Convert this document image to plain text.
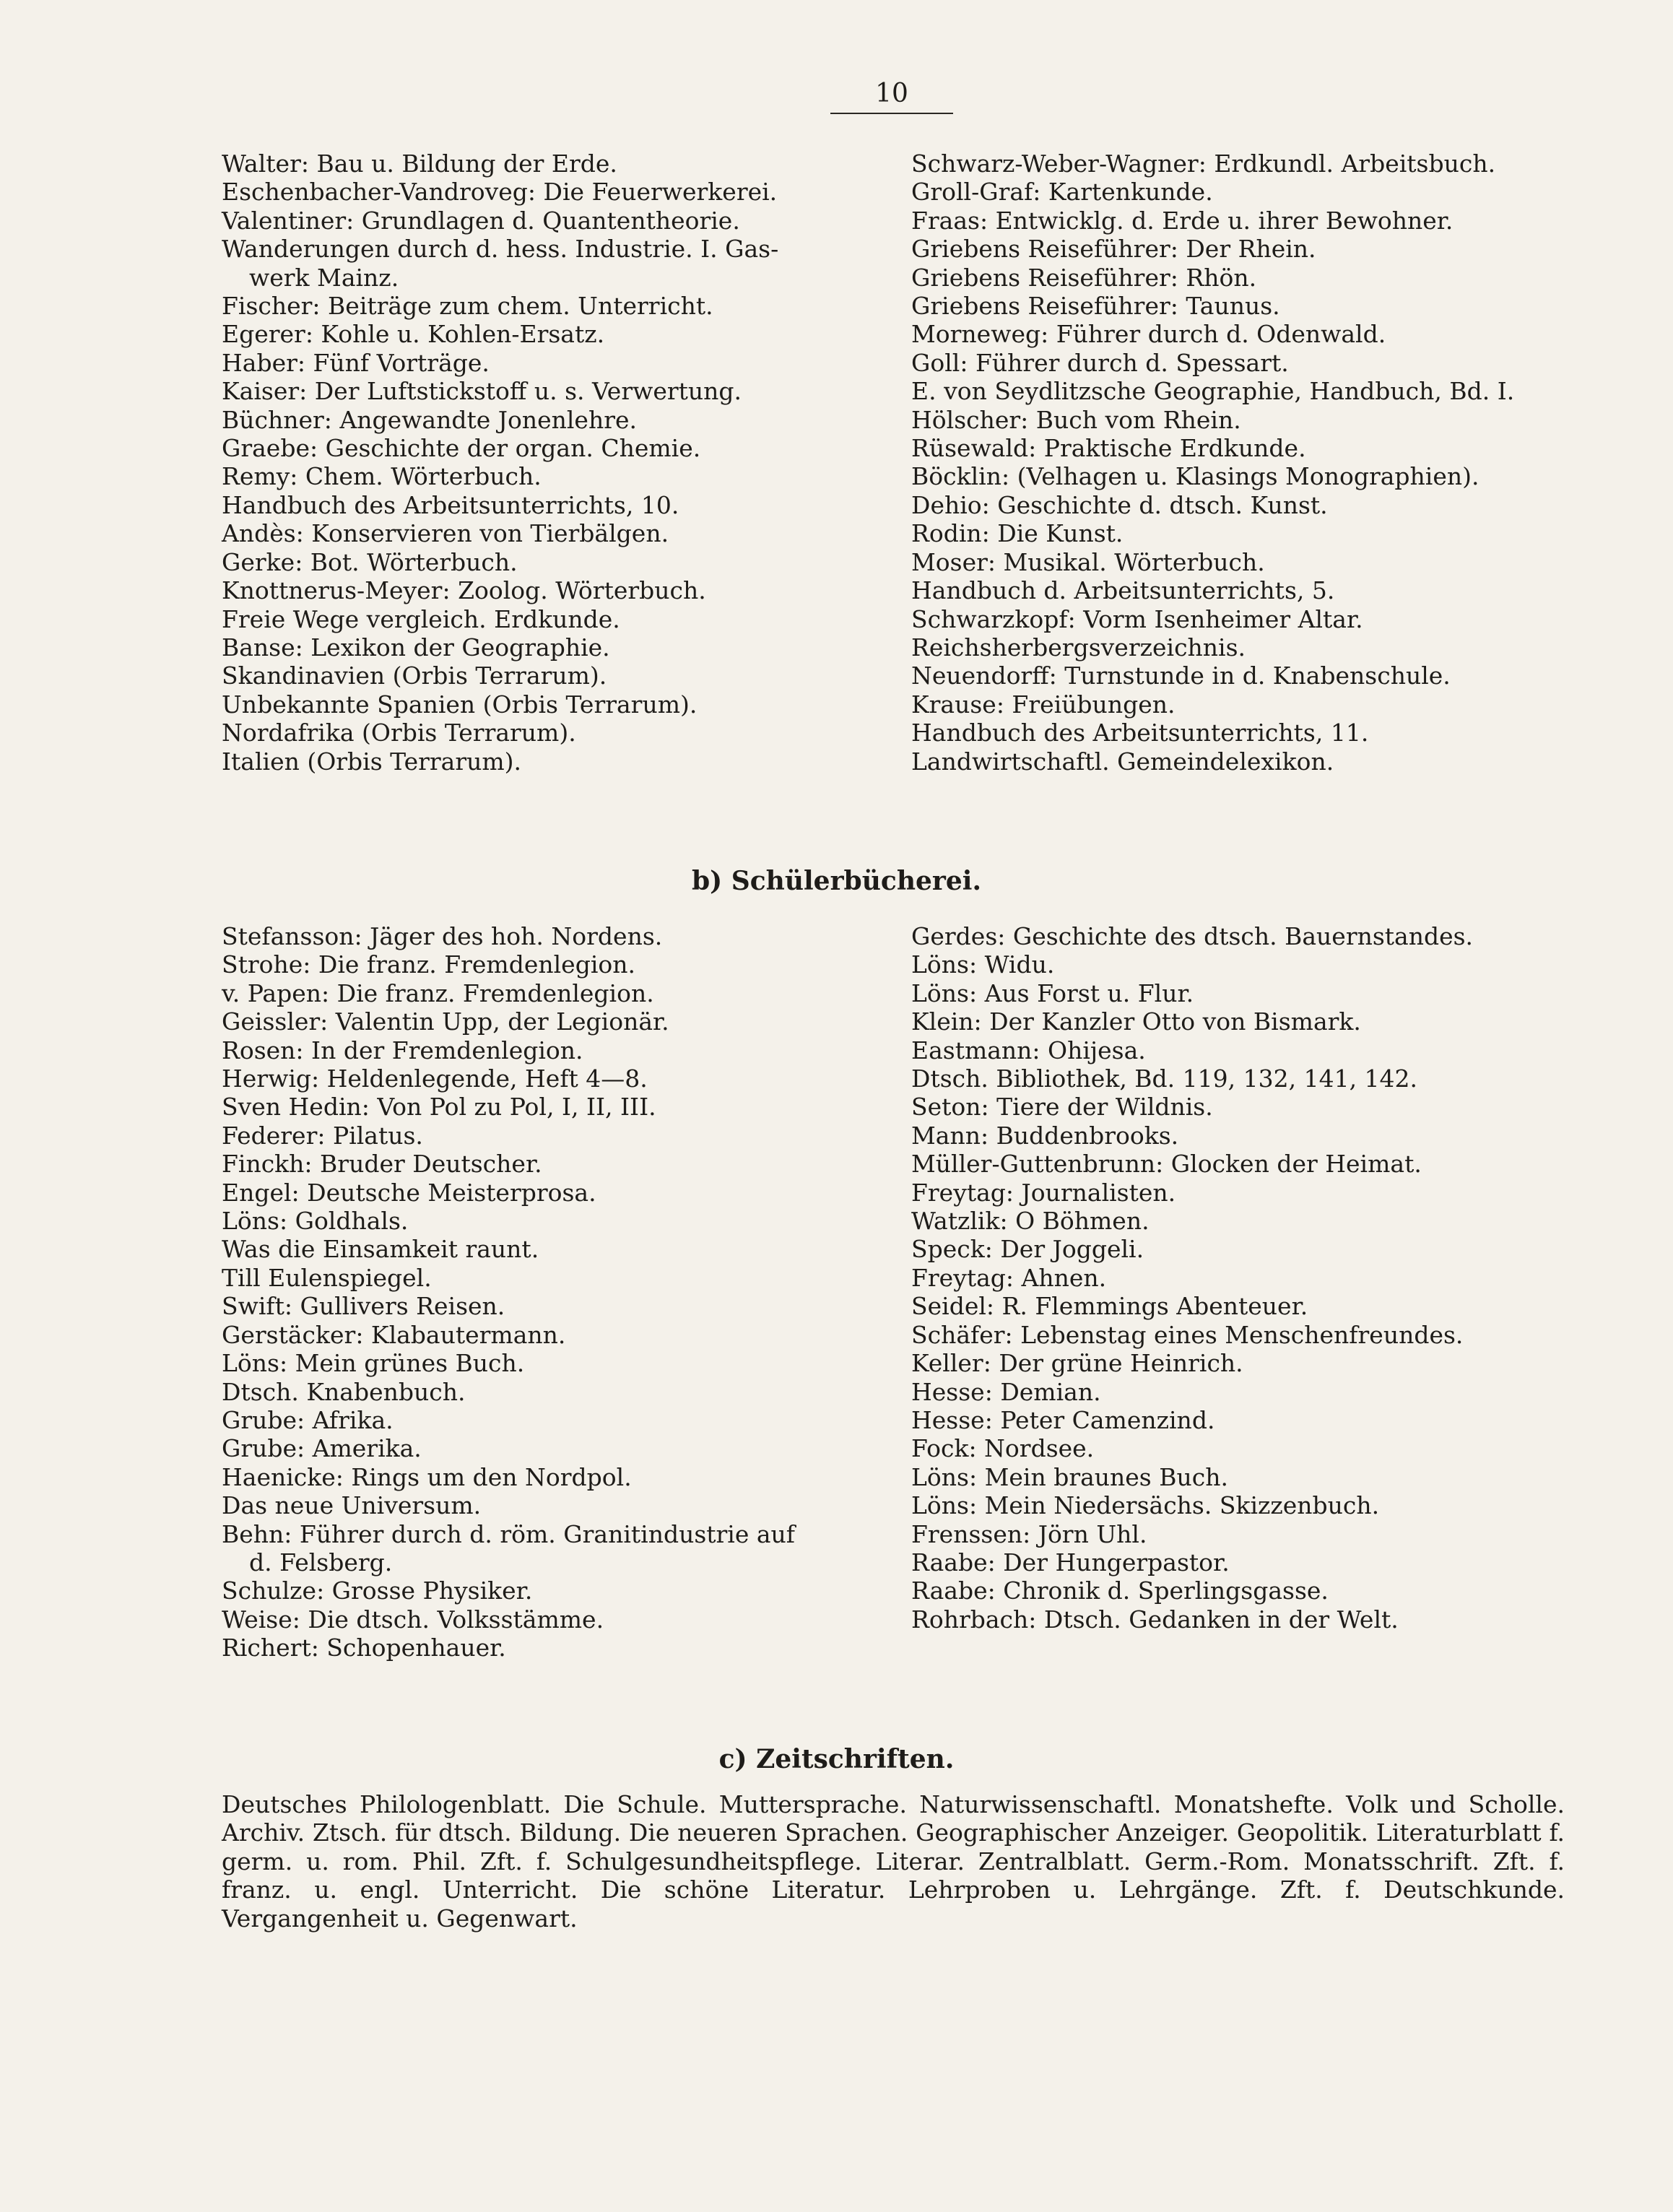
10
Walter: Bau u. Bildung der Erde.
Eschenbacher-Vandroveg: Die Feuerwerkerei.
Valentiner: Grundlagen d. Quantentheorie.
Wanderungen durch d. hess. Industrie. I. Gas-
werk Mainz.
Fischer: Beiträge zum chem. Unterricht.
Egerer: Kohle u. Kohlen-Ersatz.
Haber: Fünf Vorträge.
Kaiser: Der Luftstickstoff u. s. Verwertung.
Büchner: Angewandte Jonenlehre.
Graebe: Geschichte der organ. Chemie.
Remy: Chem. Wörterbuch.
Handbuch des Arbeitsunterrichts, 10.
Andès: Konservieren von Tierbälgen.
Gerke: Bot. Wörterbuch.
Knottnerus-Meyer: Zoolog. Wörterbuch.
Freie Wege vergleich. Erdkunde.
Banse: Lexikon der Geographie.
Skandinavien (Orbis Terrarum).
Unbekannte Spanien (Orbis Terrarum).
Nordafrika (Orbis Terrarum).
Italien (Orbis Terrarum).
Schwarz-Weber-Wagner: Erdkundl. Arbeitsbuch.
Groll-Graf: Kartenkunde.
Fraas: Entwicklg. d. Erde u. ihrer Bewohner.
Griebens Reiseführer: Der Rhein.
Griebens Reiseführer: Rhön.
Griebens Reiseführer: Taunus.
Morneweg: Führer durch d. Odenwald.
Goll: Führer durch d. Spessart.
E. von Seydlitzsche Geographie, Handbuch, Bd. I.
Hölscher: Buch vom Rhein.
Rüsewald: Praktische Erdkunde.
Böcklin: (Velhagen u. Klasings Monographien).
Dehio: Geschichte d. dtsch. Kunst.
Rodin: Die Kunst.
Moser: Musikal. Wörterbuch.
Handbuch d. Arbeitsunterrichts, 5.
Schwarzkopf: Vorm Isenheimer Altar.
Reichsherbergsverzeichnis.
Neuendorff: Turnstunde in d. Knabenschule.
Krause: Freiübungen.
Handbuch des Arbeitsunterrichts, 11.
Landwirtschaftl. Gemeindelexikon.
b) Schülerbücherei.
Stefansson: Jäger des hoh. Nordens.
Strohe: Die franz. Fremdenlegion.
v. Papen: Die franz. Fremdenlegion.
Geissler: Valentin Upp, der Legionär.
Rosen: In der Fremdenlegion.
Herwig: Heldenlegende, Heft 4—8.
Sven Hedin: Von Pol zu Pol, I, II, III.
Federer: Pilatus.
Finckh: Bruder Deutscher.
Engel: Deutsche Meisterprosa.
Löns: Goldhals.
Was die Einsamkeit raunt.
Till Eulenspiegel.
Swift: Gullivers Reisen.
Gerstäcker: Klabautermann.
Löns: Mein grünes Buch.
Dtsch. Knabenbuch.
Grube: Afrika.
Grube: Amerika.
Haenicke: Rings um den Nordpol.
Das neue Universum.
Behn: Führer durch d. röm. Granitindustrie auf
d. Felsberg.
Schulze: Grosse Physiker.
Weise: Die dtsch. Volksstämme.
Richert: Schopenhauer.
Gerdes: Geschichte des dtsch. Bauernstandes.
Löns: Widu.
Löns: Aus Forst u. Flur.
Klein: Der Kanzler Otto von Bismark.
Eastmann: Ohijesa.
Dtsch. Bibliothek, Bd. 119, 132, 141, 142.
Seton: Tiere der Wildnis.
Mann: Buddenbrooks.
Müller-Guttenbrunn: Glocken der Heimat.
Freytag: Journalisten.
Watzlik: O Böhmen.
Speck: Der Joggeli.
Freytag: Ahnen.
Seidel: R. Flemmings Abenteuer.
Schäfer: Lebenstag eines Menschenfreundes.
Keller: Der grüne Heinrich.
Hesse: Demian.
Hesse: Peter Camenzind.
Fock: Nordsee.
Löns: Mein braunes Buch.
Löns: Mein Niedersächs. Skizzenbuch.
Frenssen: Jörn Uhl.
Raabe: Der Hungerpastor.
Raabe: Chronik d. Sperlingsgasse.
Rohrbach: Dtsch. Gedanken in der Welt.
c) Zeitschriften.
Deutsches Philologenblatt. Die Schule. Muttersprache. Naturwissenschaftl. Monatshefte. Volk und Scholle. Archiv. Ztsch. für dtsch. Bildung. Die neueren Sprachen. Geographischer Anzeiger. Geopolitik. Literaturblatt f. germ. u. rom. Phil. Zft. f. Schulgesundheitspflege. Literar. Zentralblatt. Germ.-Rom. Monatsschrift. Zft. f. franz. u. engl. Unterricht. Die schöne Literatur. Lehrproben u. Lehrgänge. Zft. f. Deutschkunde. Vergangenheit u. Gegenwart.
